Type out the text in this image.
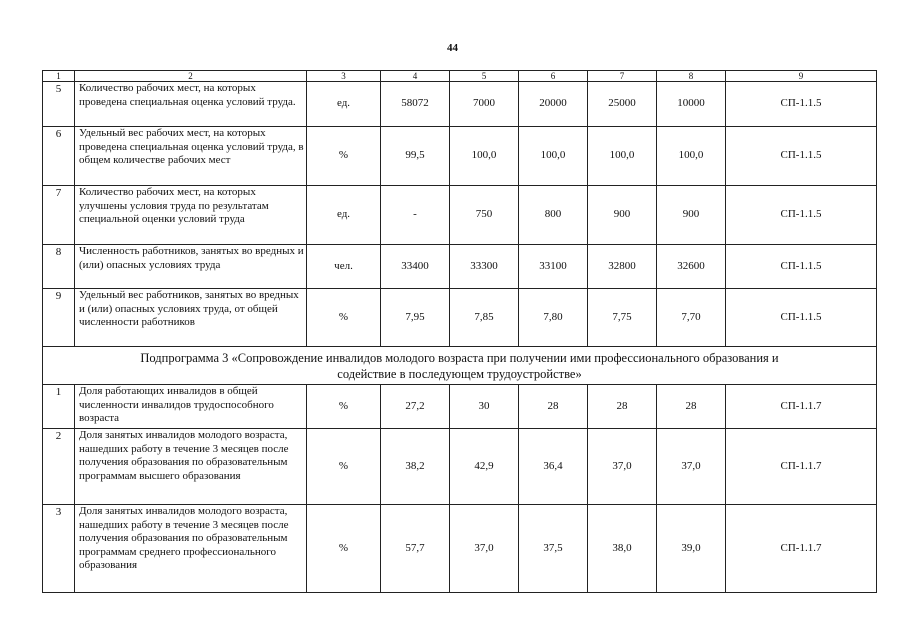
44
1	2	3	4	5	6	7	8	9
5	Количество рабочих мест, на которых проведена специальная оценка условий труда.	ед.	58072	7000	20000	25000	10000	СП-1.1.5
6	Удельный вес рабочих мест, на которых проведена специальная оценка условий труда, в общем количестве рабочих мест	%	99,5	100,0	100,0	100,0	100,0	СП-1.1.5
7	Количество рабочих мест, на которых улучшены условия труда по результатам специальной оценки условий труда	ед.	-	750	800	900	900	СП-1.1.5
8	Численность работников, занятых во вредных и (или) опасных условиях труда	чел.	33400	33300	33100	32800	32600	СП-1.1.5
9	Удельный вес работников, занятых во вредных и (или) опасных условиях труда, от общей численности работников	%	7,95	7,85	7,80	7,75	7,70	СП-1.1.5
Подпрограмма 3 «Сопровождение инвалидов молодого возраста при получении ими профессионального образования и
содействие в последующем трудоустройстве»								
1	Доля работающих инвалидов в общей численности инвалидов трудоспособного возраста	%	27,2	30	28	28	28	СП-1.1.7
2	Доля занятых инвалидов молодого возраста, нашедших работу в течение 3 месяцев после получения образования по образовательным программам высшего образования	%	38,2	42,9	36,4	37,0	37,0	СП-1.1.7
3	Доля занятых инвалидов молодого возраста, нашедших работу в течение 3 месяцев после получения образования по образовательным программам среднего профессионального образования	%	57,7	37,0	37,5	38,0	39,0	СП-1.1.7
